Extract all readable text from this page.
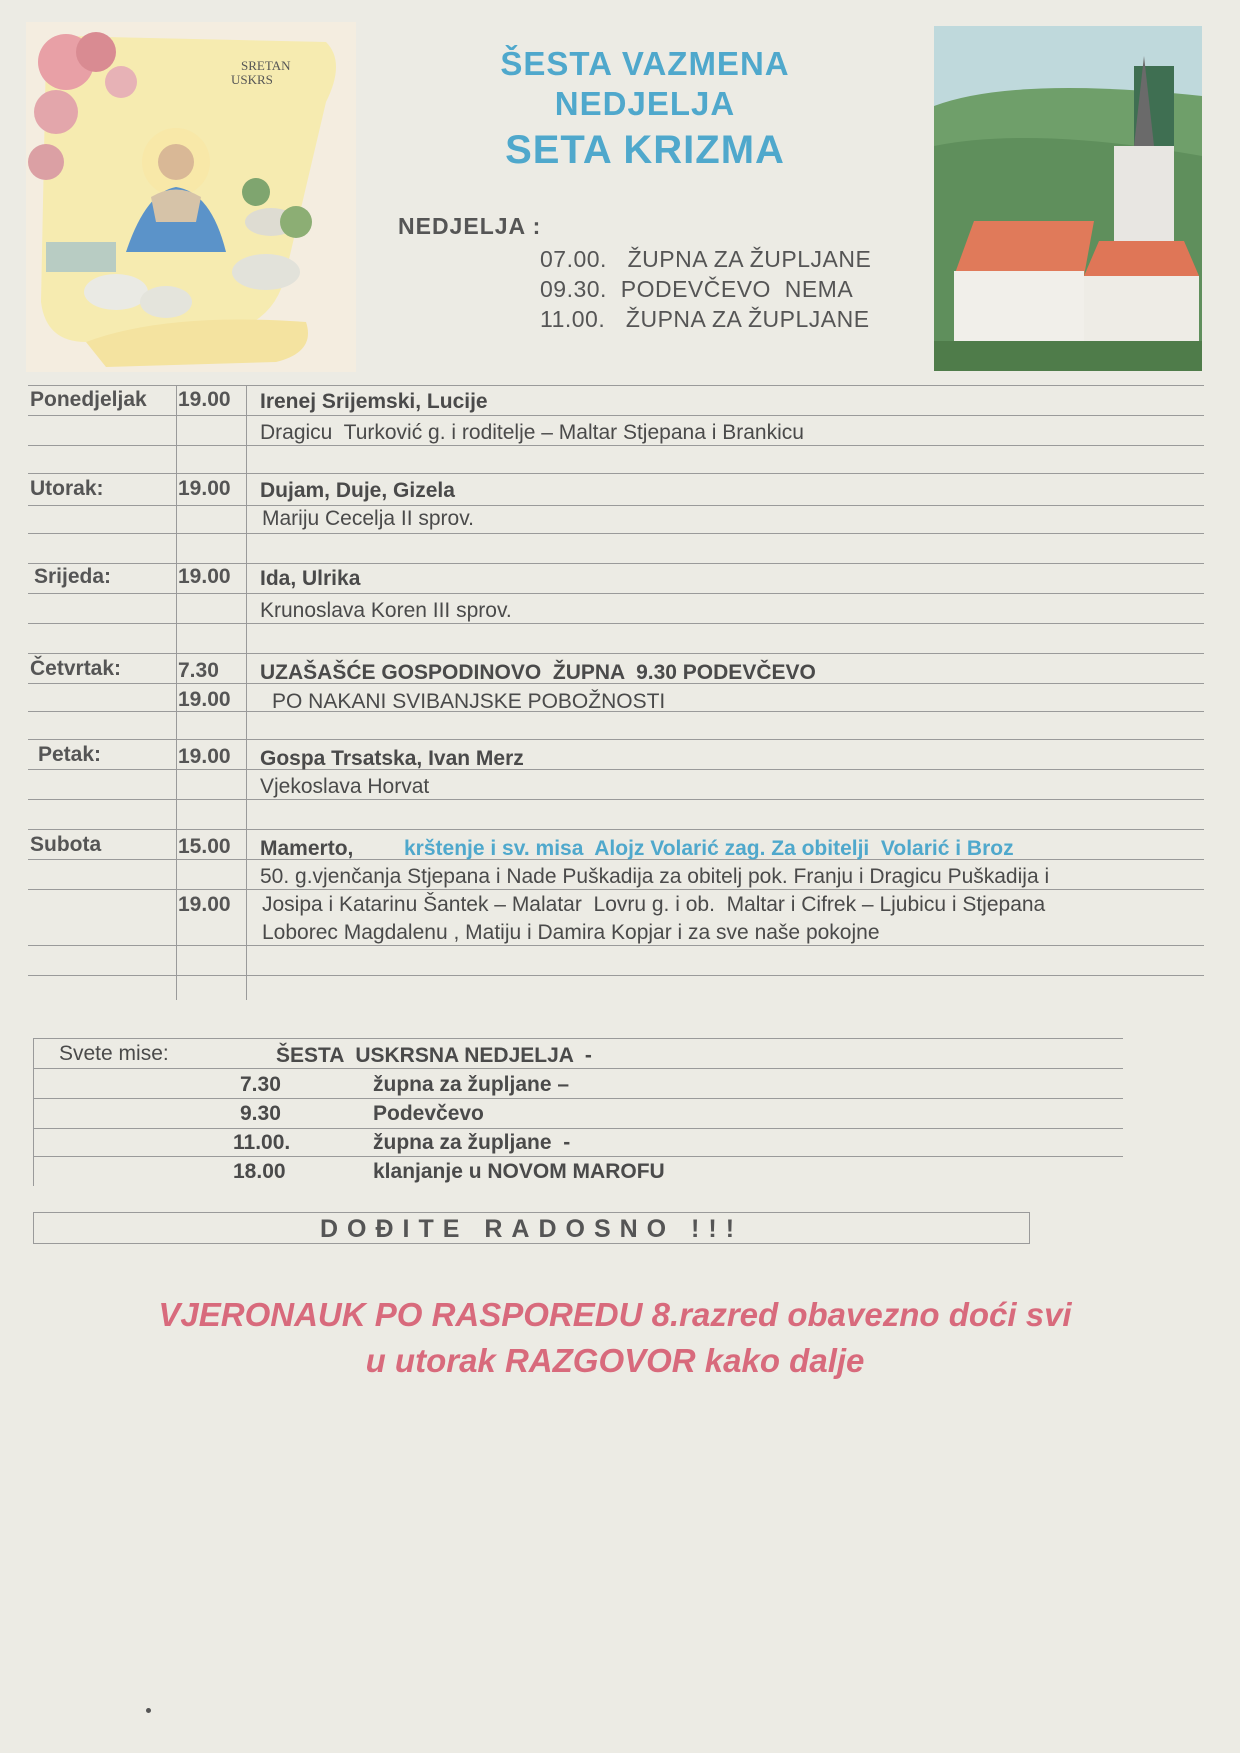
SRETAN
USKRS	ŠESTA VAZMENA
NEDJELJA
SETA KRIZMA
NEDJELJA :
07.00.   ŽUPNA ZA ŽUPLJANE
09.30.  PODEVČEVO  NEMA
11.00.   ŽUPNA ZA ŽUPLJANE
Ponedjeljak 19.00 Irenej Srijemski, Lucije
Dragicu  Turković g. i roditelje – Maltar Stjepana i Brankicu
Utorak:	19.00 Dujam, Duje, Gizela
Mariju Cecelja II sprov.
Srijeda:	19.00 Ida, Ulrika
Krunoslava Koren III sprov.
Četvrtak:	7.30 UZAŠAŠĆE GOSPODINOVO  ŽUPNA  9.30 PODEVČEVO
19.00 PO NAKANI SVIBANJSKE POBOŽNOSTI
Petak:	19.00 Gospa Trsatska, Ivan Merz
Vjekoslava Horvat
Subota	15.00 Mamerto, krštenje i sv. misa  Alojz Volarić zag. Za obitelji  Volarić i Broz
50. g.vjenčanja Stjepana i Nade Puškadija za obitelj pok. Franju i Dragicu Puškadija i
19.00 Josipa i Katarinu Šantek – Malatar  Lovru g. i ob.  Maltar i Cifrek – Ljubicu i Stjepana
Loborec Magdalenu , Matiju i Damira Kopjar i za sve naše pokojne
Svete mise:	ŠESTA  USKRSNA NEDJELJA  -
7.30	župna za župljane –
9.30	Podevčevo
11.00.	župna za župljane  -
18.00	klanjanje u NOVOM MAROFU
DOĐITE RADOSNO !!!
VJERONAUK PO RASPOREDU 8.razred obavezno doći svi
u utorak RAZGOVOR kako dalje
